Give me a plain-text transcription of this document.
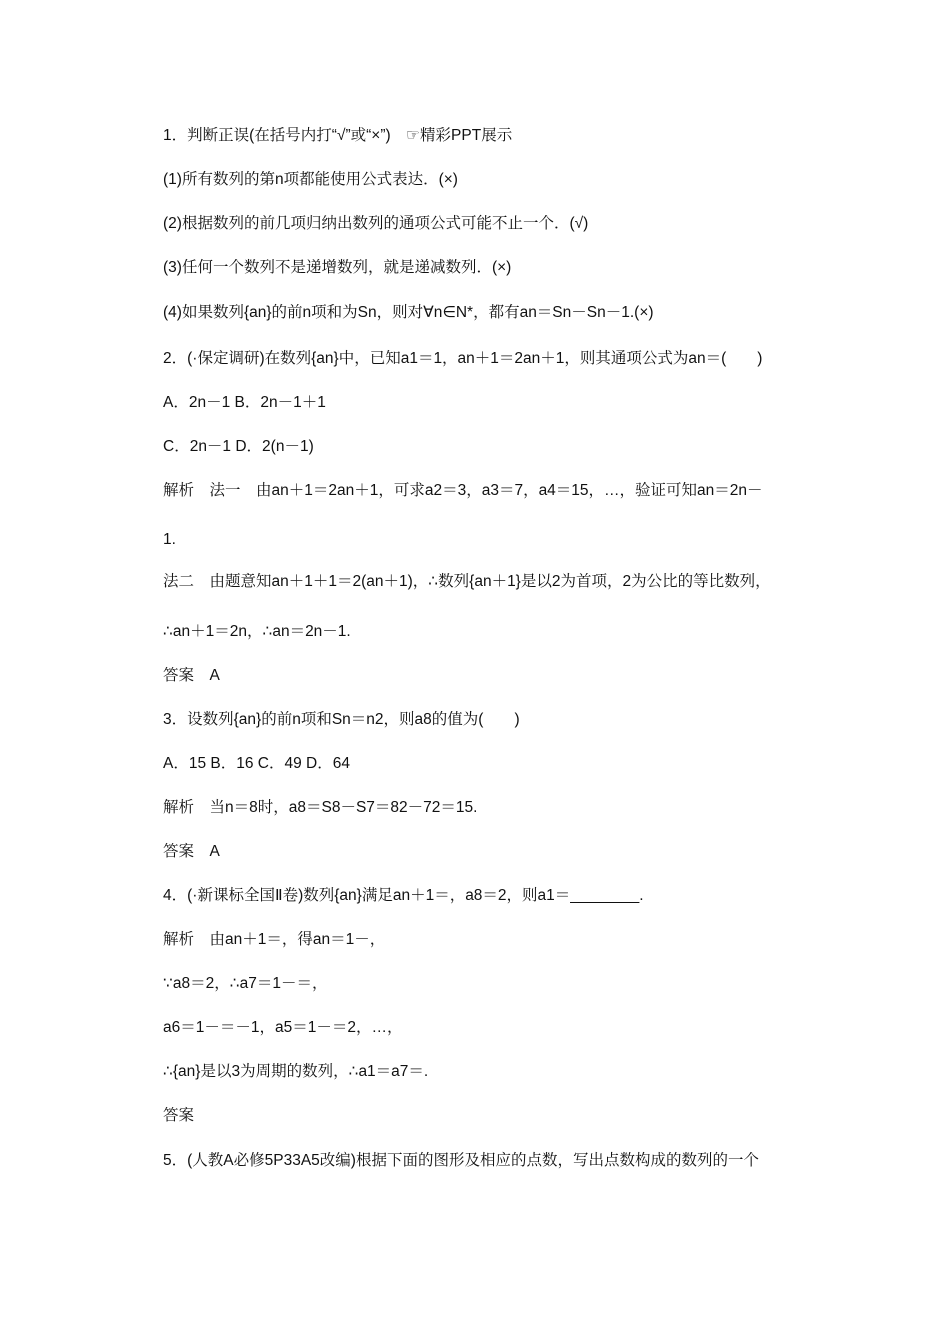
1．判断正误(在括号内打“√”或“×”)　☞精彩PPT展示
(1)所有数列的第n项都能使用公式表达．(×)
(2)根据数列的前几项归纳出数列的通项公式可能不止一个．(√)
(3)任何一个数列不是递增数列，就是递减数列．(×)
(4)如果数列{an}的前n项和为Sn，则对∀n∈N*，都有an＝Sn－Sn－1.(×)
2．(·保定调研)在数列{an}中，已知a1＝1，an＋1＝2an＋1，则其通项公式为an＝(　　)
A．2n－1 B．2n－1＋1
C．2n－1 D．2(n－1)
解析　法一　由an＋1＝2an＋1，可求a2＝3，a3＝7，a4＝15，…，验证可知an＝2n－
1.
法二　由题意知an＋1＋1＝2(an＋1)，∴数列{an＋1}是以2为首项，2为公比的等比数列，
∴an＋1＝2n，∴an＝2n－1.
答案　A
3．设数列{an}的前n项和Sn＝n2，则a8的值为(　　)
A．15 B．16 C．49 D．64
解析　当n＝8时，a8＝S8－S7＝82－72＝15.
答案　A
4．(·新课标全国Ⅱ卷)数列{an}满足an＋1＝，a8＝2，则a1＝________.
解析　由an＋1＝，得an＝1－，
∵a8＝2，∴a7＝1－＝，
a6＝1－＝－1，a5＝1－＝2，…，
∴{an}是以3为周期的数列，∴a1＝a7＝.
答案
5．(人教A必修5P33A5改编)根据下面的图形及相应的点数，写出点数构成的数列的一个
